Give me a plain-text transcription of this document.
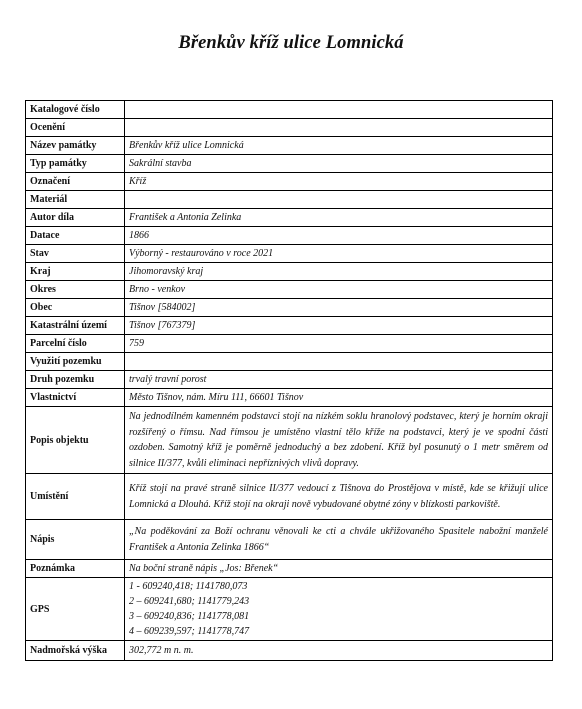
Břenkův kříž ulice Lomnická
Katalogové číslo	
Ocenění	
Název památky	Břenkův kříž ulice Lomnická
Typ památky	Sakrální stavba
Označení	Kříž
Materiál	
Autor díla	František a Antonia Zelinka
Datace	1866
Stav	Výborný - restaurováno v roce 2021
Kraj	Jihomoravský kraj
Okres	Brno - venkov
Obec	Tišnov [584002]
Katastrální území	Tišnov [767379]
Parcelní číslo	759
Využití pozemku	
Druh pozemku	trvalý travní porost
Vlastnictví	Město Tišnov, nám. Míru 111, 66601 Tišnov
Popis objektu	Na jednodílném kamenném podstavci stojí na nízkém soklu hranolový podstavec, který je horním okraji rozšířený o římsu. Nad římsou je umístěno vlastní tělo kříže na podstavci, který je ve spodní části ozdoben. Samotný kříž je poměrně jednoduchý a bez zdobení. Kříž byl posunutý o 1 metr směrem od silnice II/377, kvůli eliminaci nepříznivých vlivů dopravy.
Umístění	Kříž stojí na pravé straně silnice II/377 vedoucí z Tišnova do Prostějova v místě, kde se křižují ulice Lomnická a Dlouhá. Kříž stojí na okraji nově vybudované obytné zóny v blízkosti parkoviště.
Nápis	„Na poděkování za Boží ochranu věnovali ke cti a chvále ukřižovaného Spasitele nabožní manželé František a Antonia Zelinka 1866“
Poznámka	Na boční straně nápis „Jos: Břenek“
GPS	1 - 609240,418; 1141780,073
2 – 609241,680; 1141779,243
3 – 609240,836; 1141778,081
4 – 609239,597; 1141778,747

Nadmořská výška	302,772 m n. m.
